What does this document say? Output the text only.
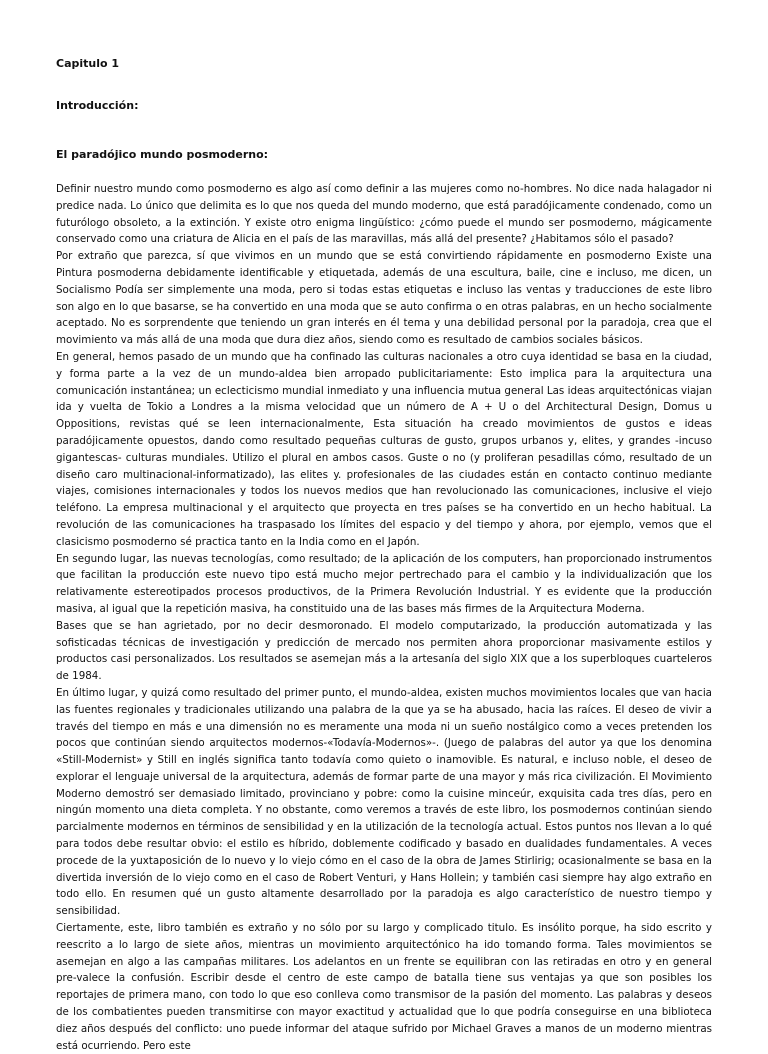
Capitulo 1

Introducción:

El paradójico mundo posmoderno:

Definir nuestro mundo como posmoderno es algo así como definir a las mujeres como no-hombres. No dice nada halagador ni predice nada. Lo único que delimita es lo que nos queda del mundo moderno, que está paradójicamente condenado, como un futurólogo obsoleto, a la extinción. Y existe otro enigma lingüístico: ¿cómo puede el mundo ser posmoderno, mágicamente conservado como una criatura de Alicia en el país de las maravillas, más allá del presente? ¿Habitamos sólo el pasado?

Por extraño que parezca, sí que vivimos en un mundo que se está convirtiendo rápidamente en posmoderno Existe una Pintura posmoderna debidamente identificable y etiquetada, además de una escultura, baile, cine e incluso, me dicen, un Socialismo Podía ser simplemente una moda, pero si todas estas etiquetas e incluso las ventas y traducciones de este libro son algo en lo que basarse, se ha convertido en una moda que se auto confirma o en otras palabras, en un hecho socialmente aceptado. No es sorprendente que teniendo un gran interés en él tema y una debilidad personal por la paradoja, crea que el movimiento va más allá de una moda que dura diez años, siendo como es resultado de cambios sociales básicos.

En general, hemos pasado de un mundo que ha confinado las culturas nacionales a otro cuya identidad se basa en la ciudad, y forma parte a la vez de un mundo-aldea bien arropado publicitariamente: Esto implica para la arquitectura una comunicación instantánea; un eclecticismo mundial inmediato y una influencia mutua general Las ideas arquitectónicas viajan ida y vuelta de Tokio a Londres a la misma velocidad que un número de A + U o del Architectural Design, Domus u Oppositions, revistas qué se leen internacionalmente, Esta situación ha creado movimientos de gustos e ideas paradójicamente opuestos, dando como resultado pequeñas culturas de gusto, grupos urbanos y, elites, y grandes -incuso gigantescas- culturas mundiales. Utilizo el plural en ambos casos. Guste o no (y proliferan pesadillas cómo, resultado de un diseño caro multinacional-informatizado), las elites y. profesionales de las ciudades están en contacto continuo mediante viajes, comisiones internacionales y todos los nuevos medios que han revolucionado las comunicaciones, inclusive el viejo teléfono. La empresa multinacional y el arquitecto que proyecta en tres países se ha convertido en un hecho habitual. La revolución de las comunicaciones ha traspasado los límites del espacio y del tiempo y ahora, por ejemplo, vemos que el clasicismo posmoderno sé practica tanto en la India como en el Japón.

En segundo lugar, las nuevas tecnologías, como resultado; de la aplicación de los computers, han proporcionado instrumentos que facilitan la producción este nuevo tipo está mucho mejor pertrechado para el cambio y la individualización que los relativamente estereotipados procesos productivos, de la Primera Revolución Industrial. Y es evidente que la producción masiva, al igual que la repetición masiva, ha constituido una de las bases más firmes de la Arquitectura Moderna.

Bases que se han agrietado, por no decir desmoronado. El modelo computarizado, la producción automatizada y las sofisticadas técnicas de investigación y predicción de mercado nos permiten ahora proporcionar masivamente estilos y productos casi personalizados. Los resultados se asemejan más a la artesanía del siglo XIX que a los superbloques cuarteleros de 1984.

En último lugar, y quizá como resultado del primer punto, el mundo-aldea, existen muchos movimientos locales que van hacia las fuentes regionales y tradicionales utilizando una palabra de la que ya se ha abusado, hacia las raíces. El deseo de vivir a través del tiempo en más e una dimensión no es meramente una moda ni un sueño nostálgico como a veces pretenden los pocos que continúan siendo arquitectos modernos-«Todavía-Modernos»-. (Juego de palabras del autor ya que los denomina «Still-Modernist» y Still en inglés significa tanto todavía como quieto o inamovible. Es natural, e incluso noble, el deseo de explorar el lenguaje universal de la arquitectura, además de formar parte de una mayor y más rica civilización. El Movimiento Moderno demostró ser demasiado limitado, provinciano y pobre: como la cuisine minceúr, exquisita cada tres días, pero en ningún momento una dieta completa. Y no obstante, como veremos a través de este libro, los posmodernos continúan siendo parcialmente modernos en términos de sensibilidad y en la utilización de la tecnología actual. Estos puntos nos llevan a lo qué para todos debe resultar obvio: el estilo es híbrido, doblemente codificado y basado en dualidades fundamentales. A veces procede de la yuxtaposición de lo nuevo y lo viejo cómo en el caso de la obra de James Stirlirig; ocasionalmente se basa en la divertida inversión de lo viejo como en el caso de Robert Venturi, y Hans Hollein; y también casi siempre hay algo extraño en todo ello. En resumen qué un gusto altamente desarrollado por la paradoja es algo característico de nuestro tiempo y sensibilidad.

Ciertamente, este, libro también es extraño y no sólo por su largo y complicado titulo. Es insólito porque, ha sido escrito y reescrito a lo largo de siete años, mientras un movimiento arquitectónico ha ido tomando forma. Tales movimientos se asemejan en algo a las campañas militares. Los adelantos en un frente se equilibran con las retiradas en otro y en general pre-valece la confusión. Escribir desde el centro de este campo de batalla tiene sus ventajas ya que son posibles los reportajes de primera mano, con todo lo que eso conlleva como transmisor de la pasión del momento. Las palabras y deseos de los combatientes pueden transmitirse con mayor exactitud y actualidad que lo que podría conseguirse en una biblioteca diez años después del conflicto: uno puede informar del ataque sufrido por Michael Graves a manos de un moderno mientras está ocurriendo. Pero este
